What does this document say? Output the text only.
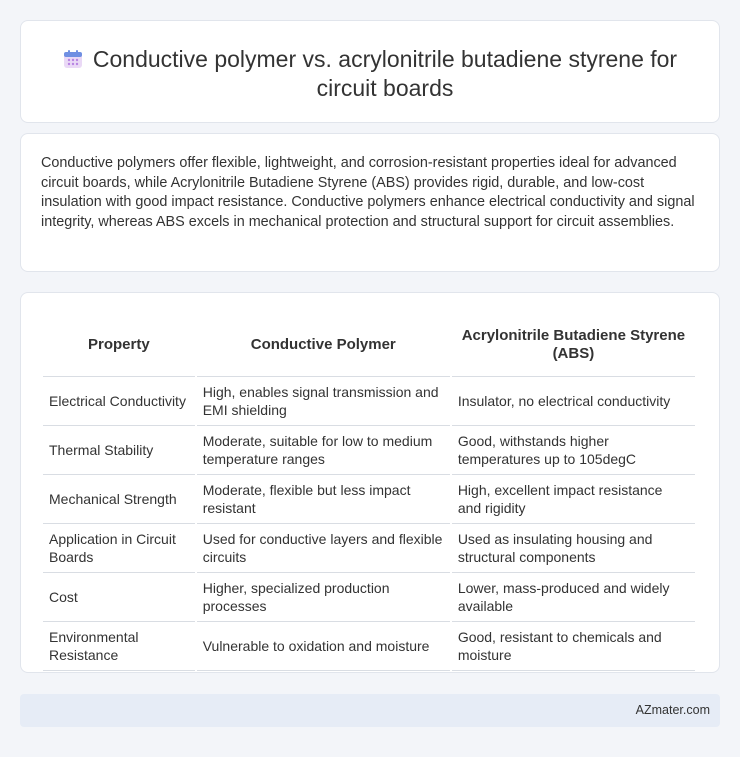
Conductive polymer vs. acrylonitrile butadiene styrene for circuit boards

Conductive polymers offer flexible, lightweight, and corrosion-resistant properties ideal for advanced circuit boards, while Acrylonitrile Butadiene Styrene (ABS) provides rigid, durable, and low-cost insulation with good impact resistance. Conductive polymers enhance electrical conductivity and signal integrity, whereas ABS excels in mechanical protection and structural support for circuit assemblies.

Property	Conductive Polymer	Acrylonitrile Butadiene Styrene (ABS)
Electrical Conductivity	High, enables signal transmission and EMI shielding	Insulator, no electrical conductivity
Thermal Stability	Moderate, suitable for low to medium temperature ranges	Good, withstands higher temperatures up to 105degC
Mechanical Strength	Moderate, flexible but less impact resistant	High, excellent impact resistance and rigidity
Application in Circuit Boards	Used for conductive layers and flexible circuits	Used as insulating housing and structural components
Cost	Higher, specialized production processes	Lower, mass-produced and widely available
Environmental Resistance	Vulnerable to oxidation and moisture	Good, resistant to chemicals and moisture
AZmater.com
